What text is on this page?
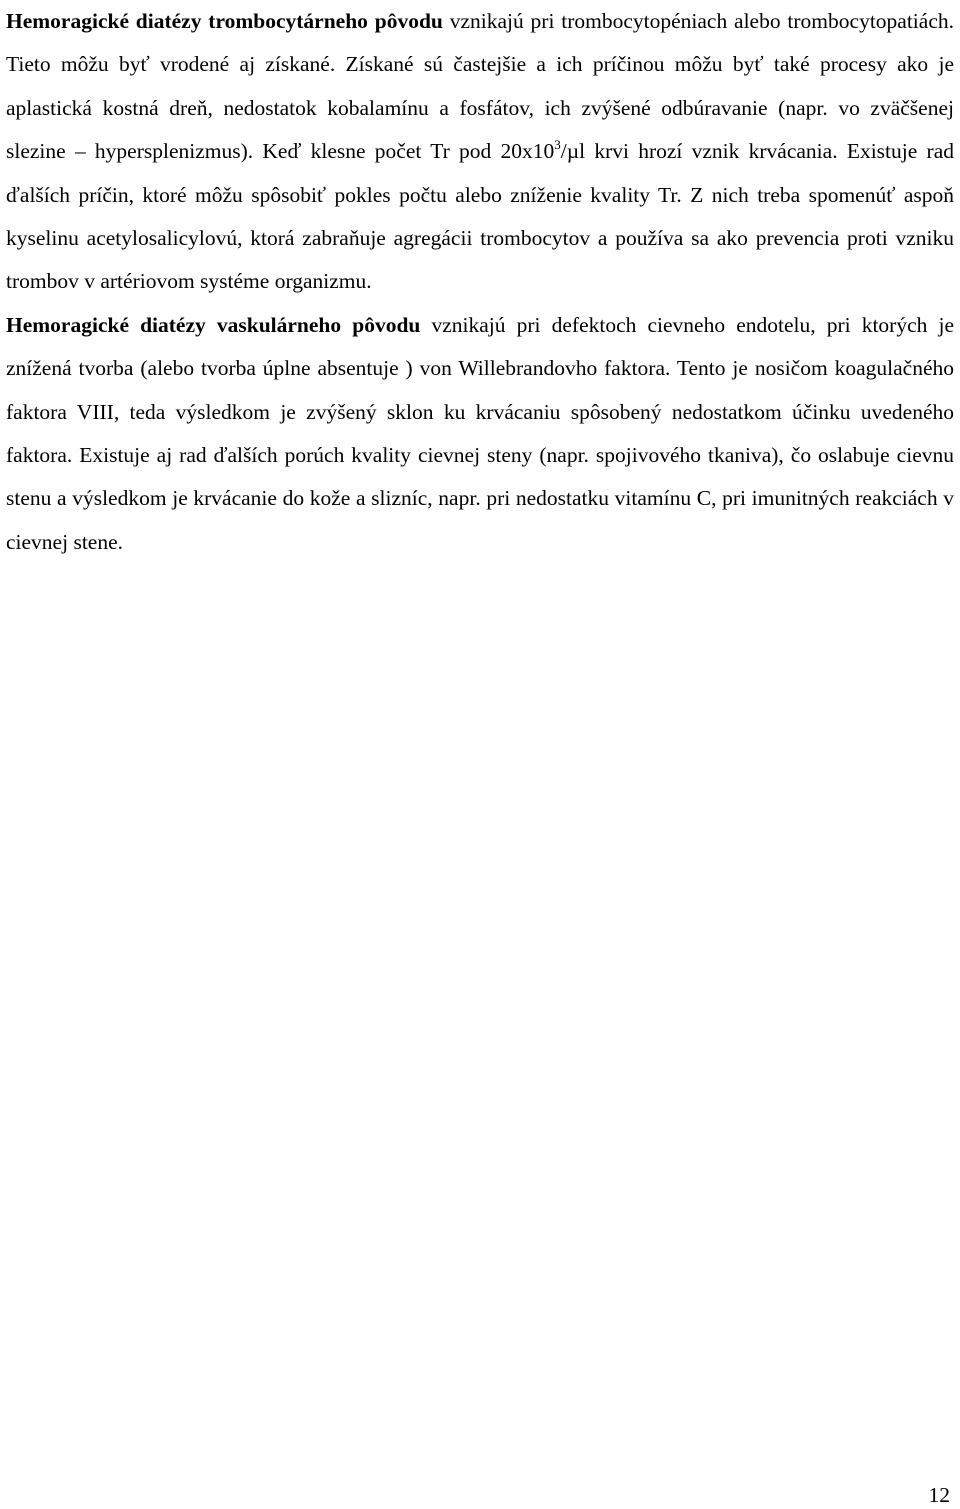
Hemoragické diatézy trombocytárneho pôvodu vznikajú pri trombocytopéniach alebo trombocytopatiách. Tieto môžu byť vrodené aj získané. Získané sú častejšie a ich príčinou môžu byť také procesy ako je aplastická kostná dreň, nedostatok kobalamínu a fosfátov, ich zvýšené odbúravanie (napr. vo zväčšenej slezine – hypersplenizmus). Keď klesne počet Tr pod $20x10^3/\mu l$ krvi hrozí vznik krvácania. Existuje rad ďalších príčin, ktoré môžu spôsobiť pokles počtu alebo zníženie kvality Tr. Z nich treba spomenúť aspoň kyselinu acetylosalicylovú, ktorá zabraňuje agregácii trombocytov a používa sa ako prevencia proti vzniku trombov v artériovom systéme organizmu.

Hemoragické diatézy vaskulárneho pôvodu vznikajú pri defektoch cievneho endotelu, pri ktorých je znížená tvorba (alebo tvorba úplne absentuje ) von Willebrandovho faktora. Tento je nosičom koagulačného faktora VIII, teda výsledkom je zvýšený sklon ku krvácaniu spôsobený nedostatkom účinku uvedeného faktora. Existuje aj rad ďalších porúch kvality cievnej steny (napr. spojivového tkaniva), čo oslabuje cievnu stenu a výsledkom je krvácanie do kože a slizníc, napr. pri nedostatku vitamínu C, pri imunitných reakciách v cievnej stene.

12
